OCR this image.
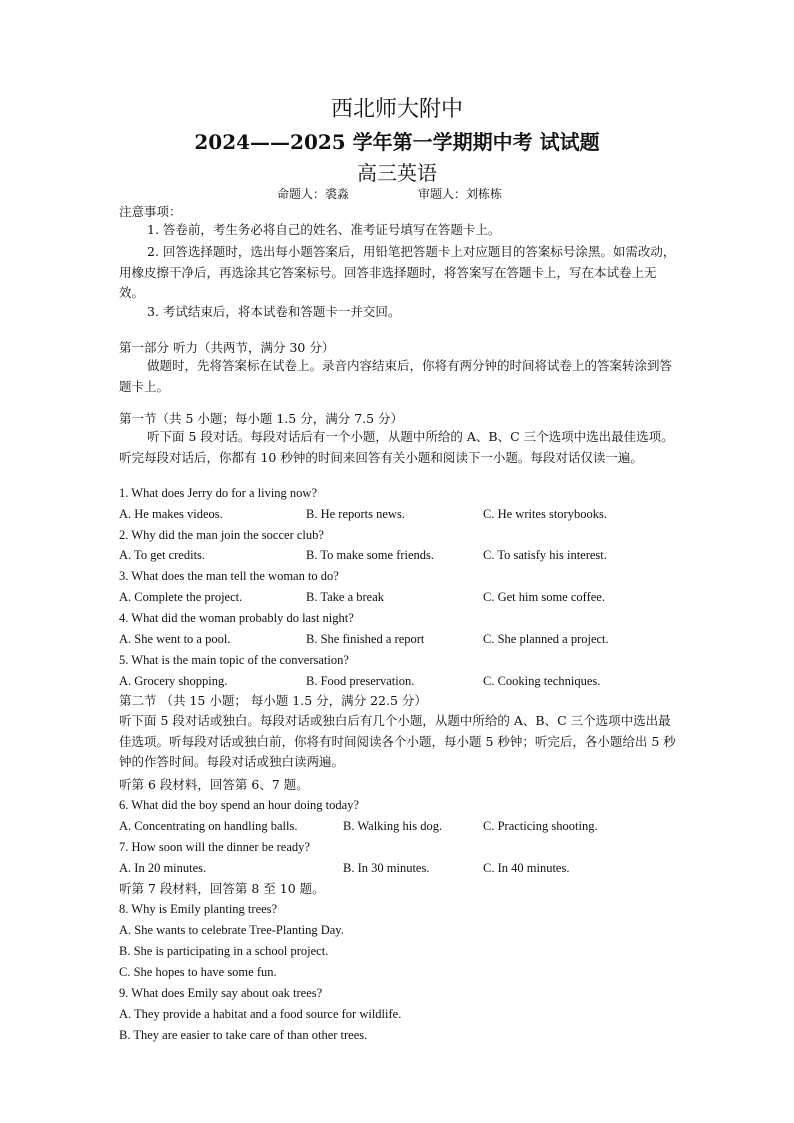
西北师大附中
2024——2025 学年第一学期期中考 试试题
高三英语
命题人：裘淼	审题人：刘栋栋
注意事项：
1. 答卷前，考生务必将自己的姓名、准考证号填写在答题卡上。
2. 回答选择题时，选出每小题答案后，用铅笔把答题卡上对应题目的答案标号涂黑。如需改动，用橡皮擦干净后，再选涂其它答案标号。回答非选择题时，将答案写在答题卡上，写在本试卷上无效。
3. 考试结束后，将本试卷和答题卡一并交回。
第一部分 听力（共两节，满分 30 分）
做题时，先将答案标在试卷上。录音内容结束后，你将有两分钟的时间将试卷上的答案转涂到答题卡上。
第一节（共 5 小题；每小题 1.5 分，满分 7.5 分）
听下面 5 段对话。每段对话后有一个小题，从题中所给的 A、B、C 三个选项中选出最佳选项。听完每段对话后，你都有 10 秒钟的时间来回答有关小题和阅读下一小题。每段对话仅读一遍。
1. What does Jerry do for a living now?
A. He makes videos.	B. He reports news.	C. He writes storybooks.
2. Why did the man join the soccer club?
A. To get credits.	B. To make some friends.	C. To satisfy his interest.
3. What does the man tell the woman to do?
A. Complete the project.	B. Take a break	C. Get him some coffee.
4. What did the woman probably do last night?
A. She went to a pool.	B. She finished a report	C. She planned a project.
5. What is the main topic of the conversation?
A. Grocery shopping.	B. Food preservation.	C. Cooking techniques.
第二节 （共 15 小题； 每小题 1.5 分，满分 22.5 分）
听下面 5 段对话或独白。每段对话或独白后有几个小题，从题中所给的 A、B、C 三个选项中选出最佳选项。听每段对话或独白前，你将有时间阅读各个小题，每小题 5 秒钟；听完后，各小题给出 5 秒钟的作答时间。每段对话或独白读两遍。
听第 6 段材料，回答第 6、7 题。
6. What did the boy spend an hour doing today?
A. Concentrating on handling balls.	B. Walking his dog.	C. Practicing shooting.
7. How soon will the dinner be ready?
A. In 20 minutes.	B. In 30 minutes.	C. In 40 minutes.
听第 7 段材料，回答第 8 至 10 题。
8. Why is Emily planting trees?
A. She wants to celebrate Tree-Planting Day.
B. She is participating in a school project.
C. She hopes to have some fun.
9. What does Emily say about oak trees?
A. They provide a habitat and a food source for wildlife.
B. They are easier to take care of than other trees.
